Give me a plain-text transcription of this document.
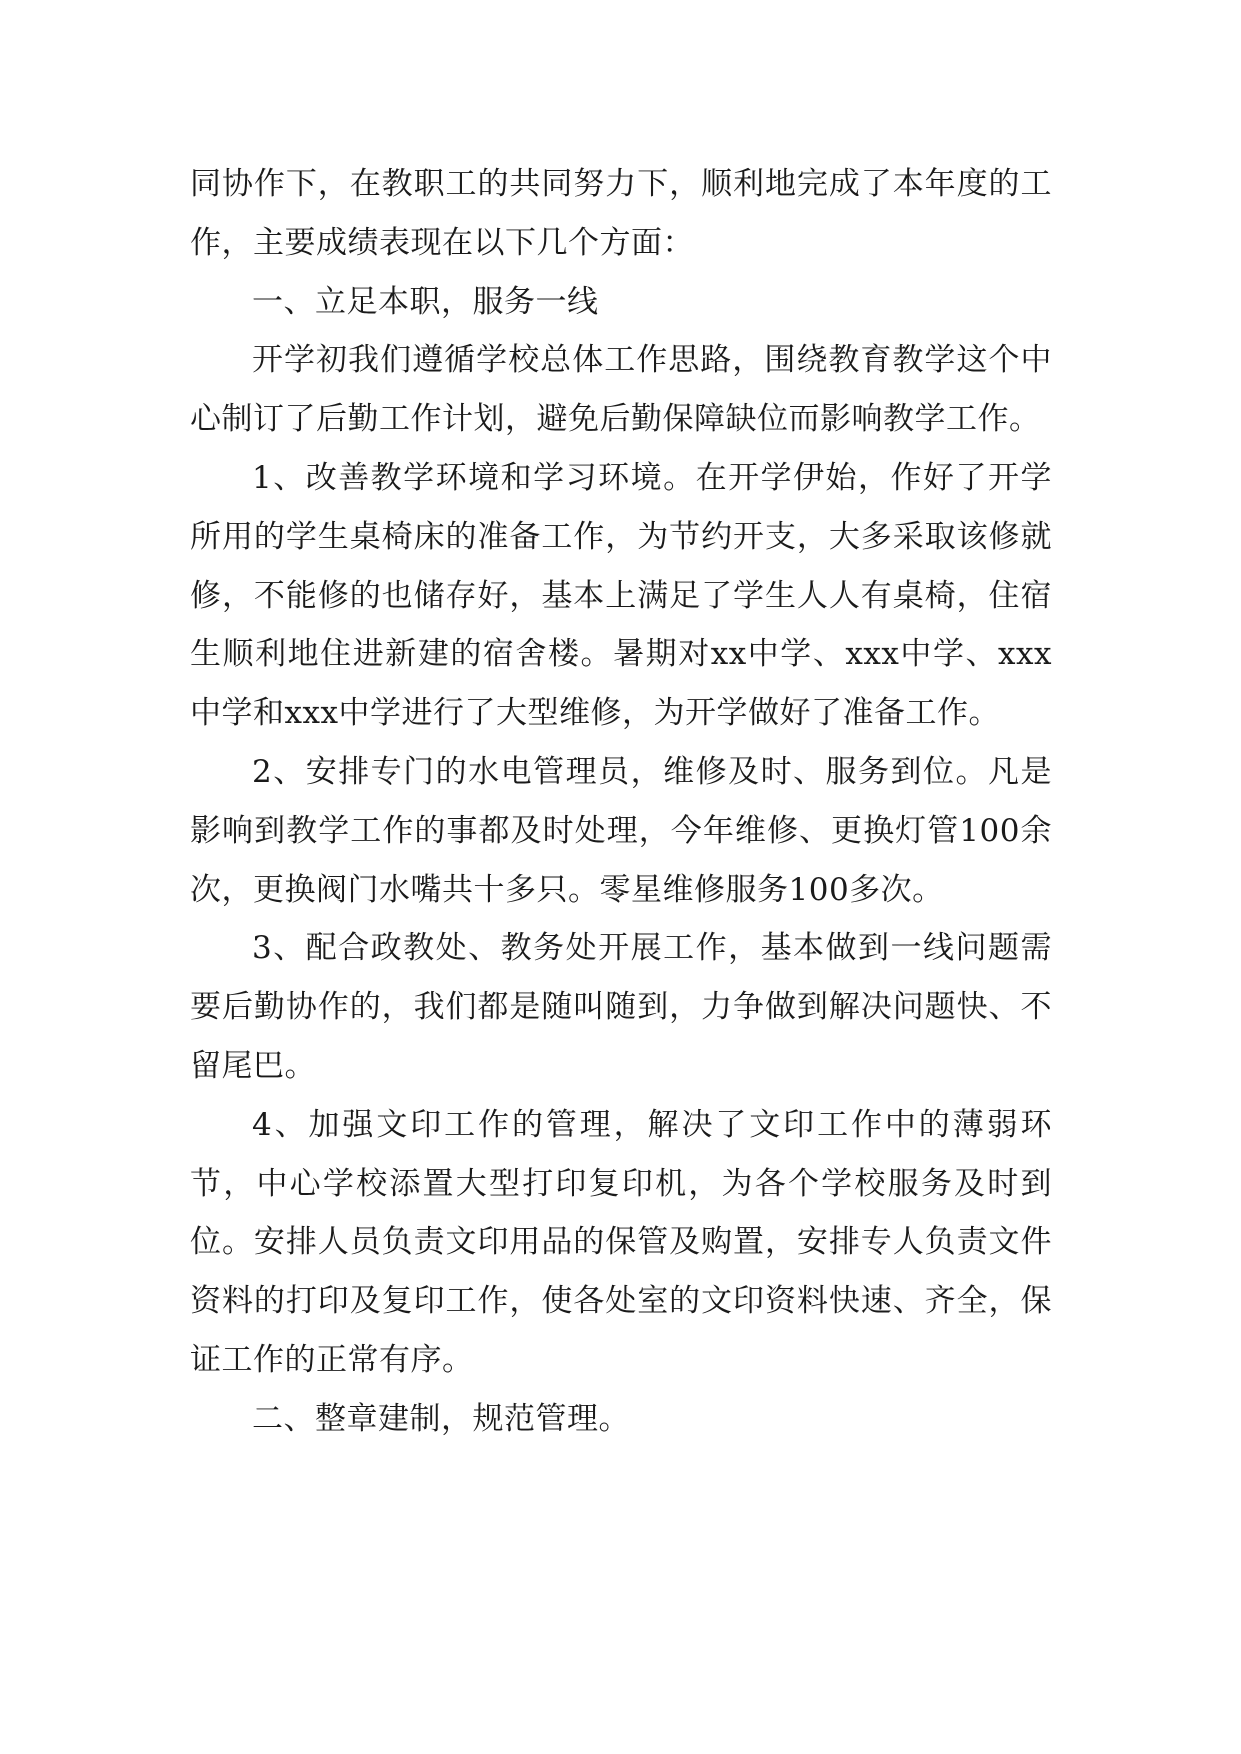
同协作下，在教职工的共同努力下，顺利地完成了本年度的工作，主要成绩表现在以下几个方面：

一、立足本职，服务一线

开学初我们遵循学校总体工作思路，围绕教育教学这个中心制订了后勤工作计划，避免后勤保障缺位而影响教学工作。

1、改善教学环境和学习环境。在开学伊始，作好了开学所用的学生桌椅床的准备工作，为节约开支，大多采取该修就修，不能修的也储存好，基本上满足了学生人人有桌椅，住宿生顺利地住进新建的宿舍楼。暑期对xx中学、xxx中学、xxx中学和xxx中学进行了大型维修，为开学做好了准备工作。

2、安排专门的水电管理员，维修及时、服务到位。凡是影响到教学工作的事都及时处理，今年维修、更换灯管100余次，更换阀门水嘴共十多只。零星维修服务100多次。

3、配合政教处、教务处开展工作，基本做到一线问题需要后勤协作的，我们都是随叫随到，力争做到解决问题快、不留尾巴。

4、加强文印工作的管理，解决了文印工作中的薄弱环节，中心学校添置大型打印复印机，为各个学校服务及时到位。安排人员负责文印用品的保管及购置，安排专人负责文件资料的打印及复印工作，使各处室的文印资料快速、齐全，保证工作的正常有序。

二、整章建制，规范管理。
